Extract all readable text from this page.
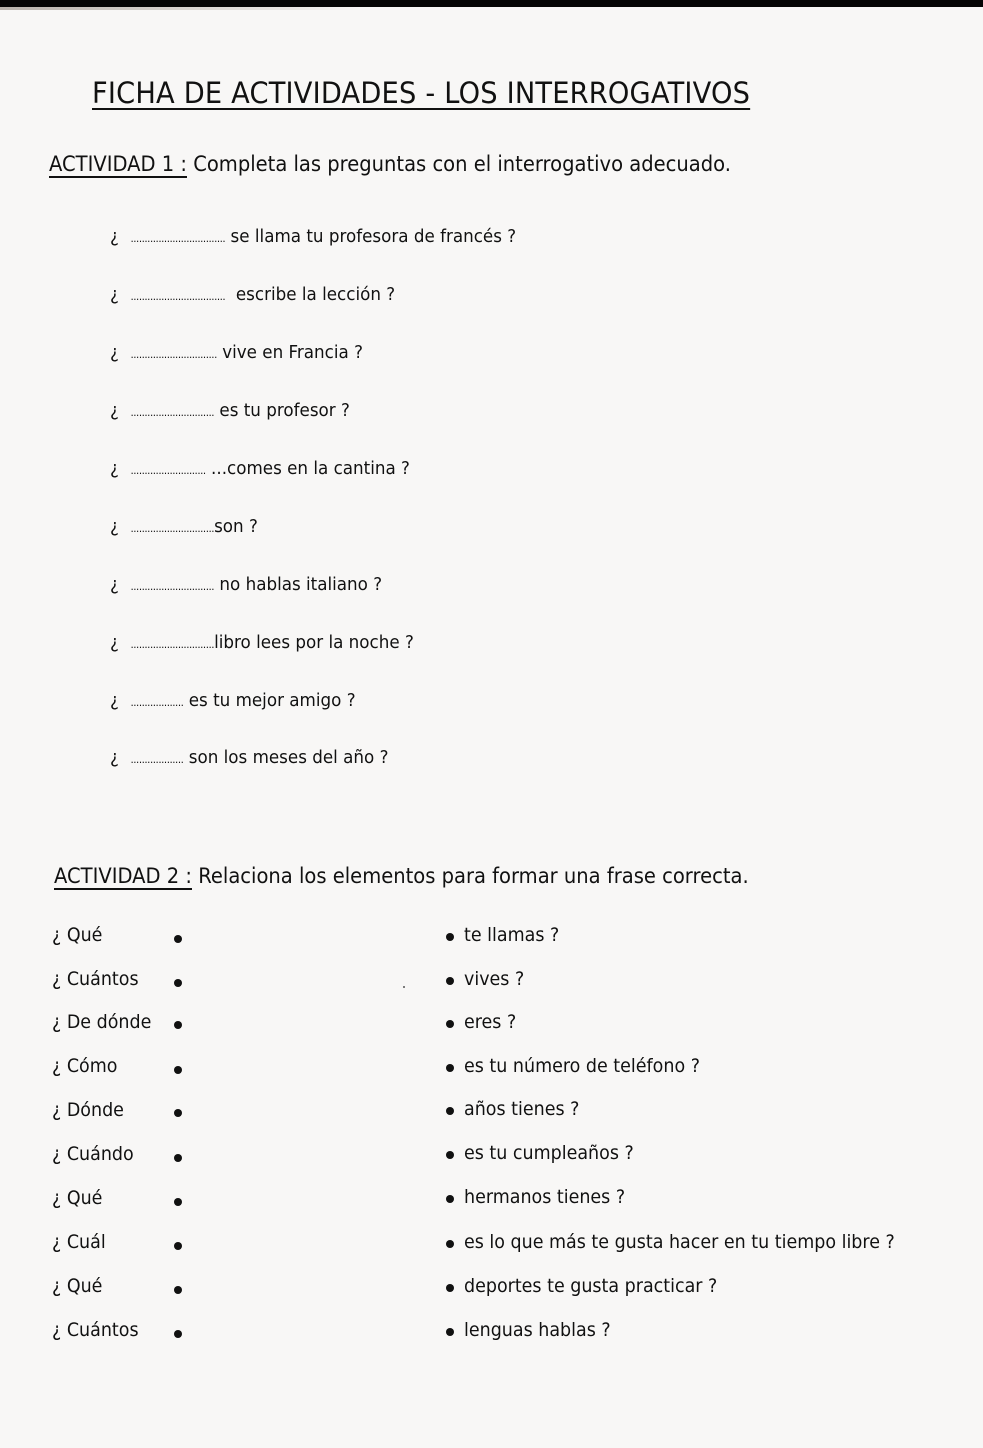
FICHA DE ACTIVIDADES - LOS INTERROGATIVOS
ACTIVIDAD 1 : Completa las preguntas con el interrogativo adecuado.
¿ .................................. se llama tu profesora de francés ?
¿ .................................. escribe la lección ?
¿ ............................... vive en Francia ?
¿ .............................. es tu profesor ?
¿ ........................... ...comes en la cantina ?
¿ ..............................son ?
¿ .............................. no hablas italiano ?
¿ ..............................libro lees por la noche ?
¿ ................... es tu mejor amigo ?
¿ ................... son los meses del año ?
ACTIVIDAD 2 : Relaciona los elementos para formar una frase correcta.
¿ Qué
¿ Cuántos
¿ De dónde
¿ Cómo
¿ Dónde
¿ Cuándo
¿ Qué
¿ Cuál
¿ Qué
¿ Cuántos
te llamas ?
vives ?
eres ?
es tu número de teléfono ?
años tienes ?
es tu cumpleaños ?
hermanos tienes ?
es lo que más te gusta hacer en tu tiempo libre ?
deportes te gusta practicar ?
lenguas hablas ?
